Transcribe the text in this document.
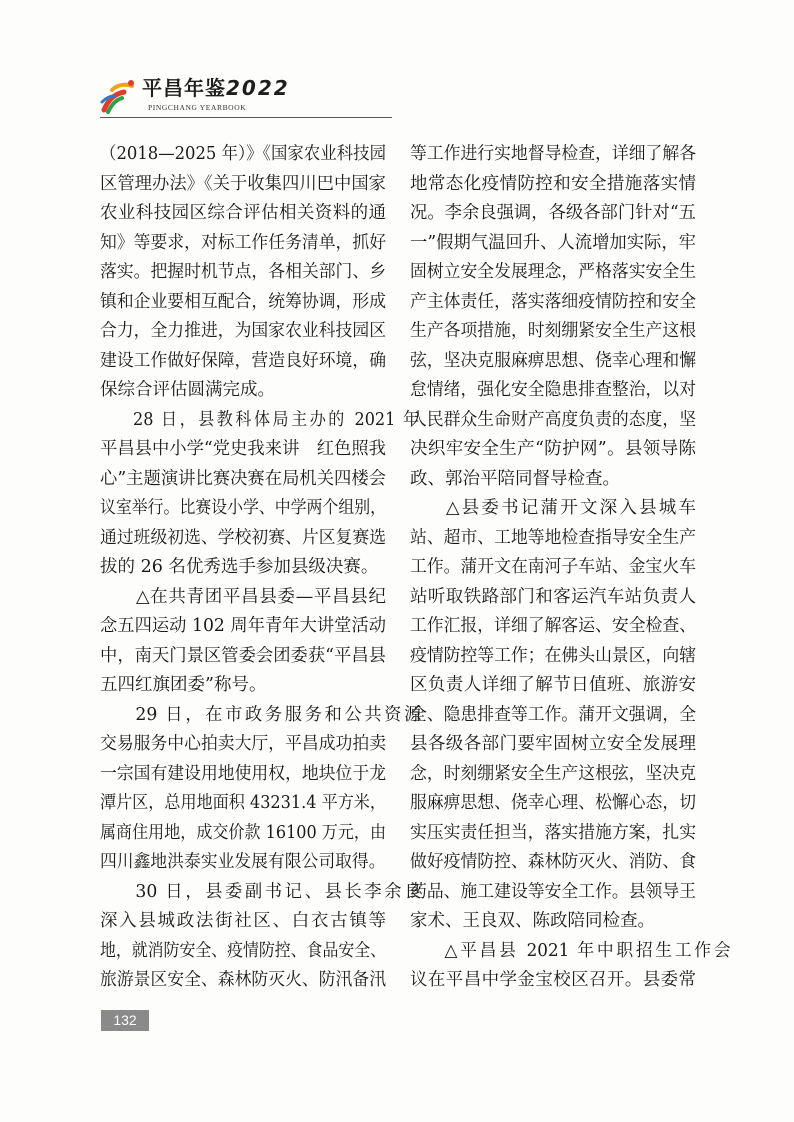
平昌年鉴2022
PINGCHANG YEARBOOK
（2018—2025 年）》《国家农业科技园
区管理办法》《关于收集四川巴中国家
农业科技园区综合评估相关资料的通
知》等要求，对标工作任务清单，抓好
落实。把握时机节点，各相关部门、乡
镇和企业要相互配合，统筹协调，形成
合力，全力推进，为国家农业科技园区
建设工作做好保障，营造良好环境，确
保综合评估圆满完成。
28 日，县教科体局主办的 2021 年
平昌县中小学“党史我来讲　红色照我
心”主题演讲比赛决赛在局机关四楼会
议室举行。比赛设小学、中学两个组别，
通过班级初选、学校初赛、片区复赛选
拔的 26 名优秀选手参加县级决赛。
△在共青团平昌县委—平昌县纪
念五四运动 102 周年青年大讲堂活动
中，南天门景区管委会团委获“平昌县
五四红旗团委”称号。
29 日，在市政务服务和公共资源
交易服务中心拍卖大厅，平昌成功拍卖
一宗国有建设用地使用权，地块位于龙
潭片区，总用地面积 43231.4 平方米，
属商住用地，成交价款 16100 万元，由
四川鑫地洪泰实业发展有限公司取得。
30 日，县委副书记、县长李余良
深入县城政法街社区、白衣古镇等
地，就消防安全、疫情防控、食品安全、
旅游景区安全、森林防灭火、防汛备汛
等工作进行实地督导检查，详细了解各
地常态化疫情防控和安全措施落实情
况。李余良强调，各级各部门针对“五
一”假期气温回升、人流增加实际，牢
固树立安全发展理念，严格落实安全生
产主体责任，落实落细疫情防控和安全
生产各项措施，时刻绷紧安全生产这根
弦，坚决克服麻痹思想、侥幸心理和懈
怠情绪，强化安全隐患排查整治，以对
人民群众生命财产高度负责的态度，坚
决织牢安全生产“防护网”。县领导陈
政、郭治平陪同督导检查。
△县委书记蒲开文深入县城车
站、超市、工地等地检查指导安全生产
工作。蒲开文在南河子车站、金宝火车
站听取铁路部门和客运汽车站负责人
工作汇报，详细了解客运、安全检查、
疫情防控等工作；在佛头山景区，向辖
区负责人详细了解节日值班、旅游安
全、隐患排查等工作。蒲开文强调，全
县各级各部门要牢固树立安全发展理
念，时刻绷紧安全生产这根弦，坚决克
服麻痹思想、侥幸心理、松懈心态，切
实压实责任担当，落实措施方案，扎实
做好疫情防控、森林防灭火、消防、食
药品、施工建设等安全工作。县领导王
家术、王良双、陈政陪同检查。
△平昌县 2021 年中职招生工作会
议在平昌中学金宝校区召开。县委常
132
